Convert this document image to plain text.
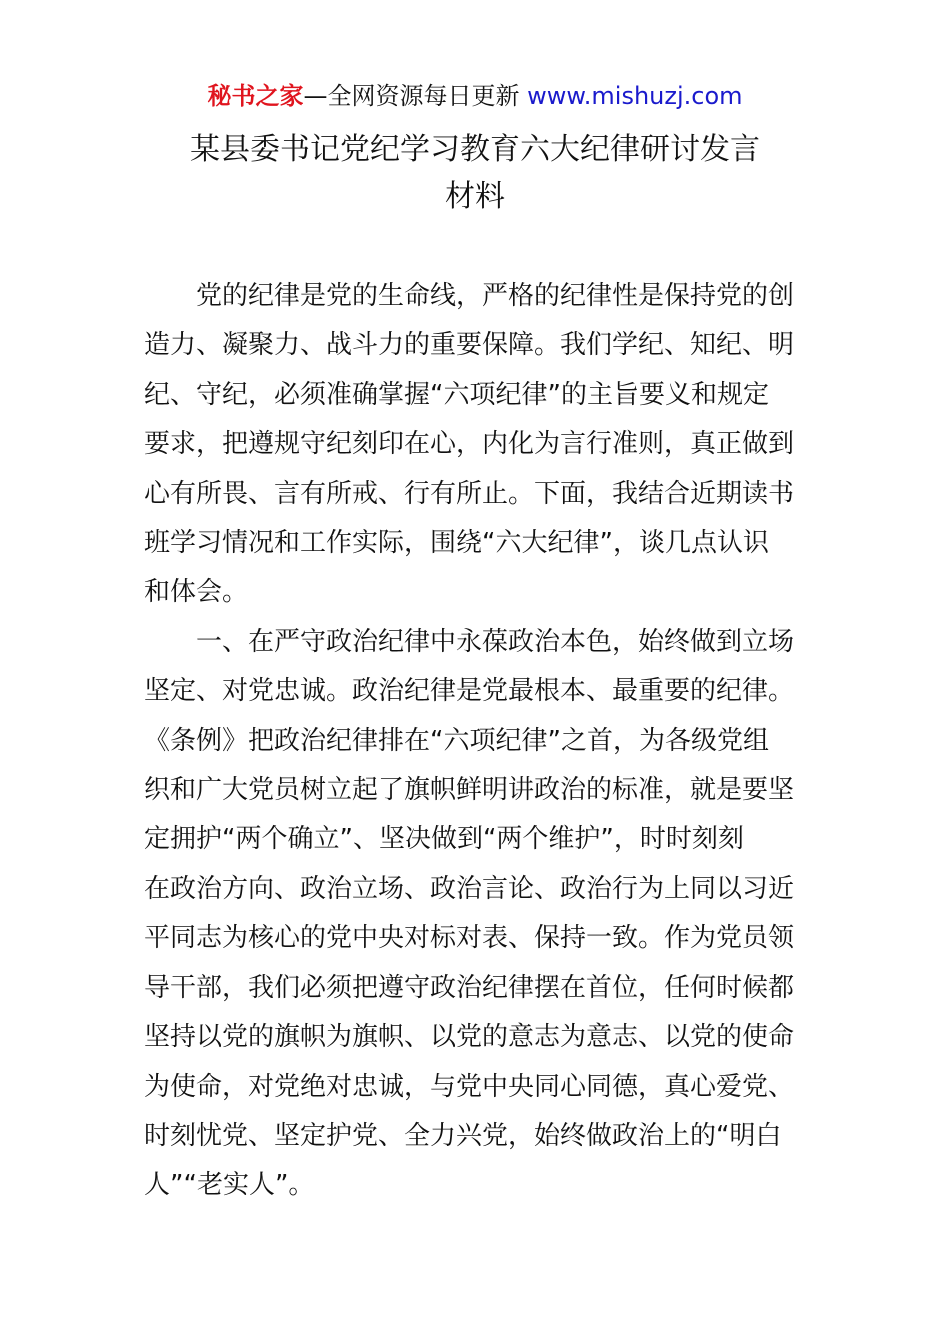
秘书之家—全网资源每日更新 www.mishuzj.com
某县委书记党纪学习教育六大纪律研讨发言
材料
党的纪律是党的生命线，严格的纪律性是保持党的创
造力、凝聚力、战斗力的重要保障。我们学纪、知纪、明
纪、守纪，必须准确掌握“六项纪律”的主旨要义和规定
要求，把遵规守纪刻印在心，内化为言行准则，真正做到
心有所畏、言有所戒、行有所止。下面，我结合近期读书
班学习情况和工作实际，围绕“六大纪律”，谈几点认识
和体会。
一、在严守政治纪律中永葆政治本色，始终做到立场
坚定、对党忠诚。政治纪律是党最根本、最重要的纪律。
《条例》把政治纪律排在“六项纪律”之首，为各级党组
织和广大党员树立起了旗帜鲜明讲政治的标准，就是要坚
定拥护“两个确立”、坚决做到“两个维护”，时时刻刻
在政治方向、政治立场、政治言论、政治行为上同以习近
平同志为核心的党中央对标对表、保持一致。作为党员领
导干部，我们必须把遵守政治纪律摆在首位，任何时候都
坚持以党的旗帜为旗帜、以党的意志为意志、以党的使命
为使命，对党绝对忠诚，与党中央同心同德，真心爱党、
时刻忧党、坚定护党、全力兴党，始终做政治上的“明白
人”“老实人”。
